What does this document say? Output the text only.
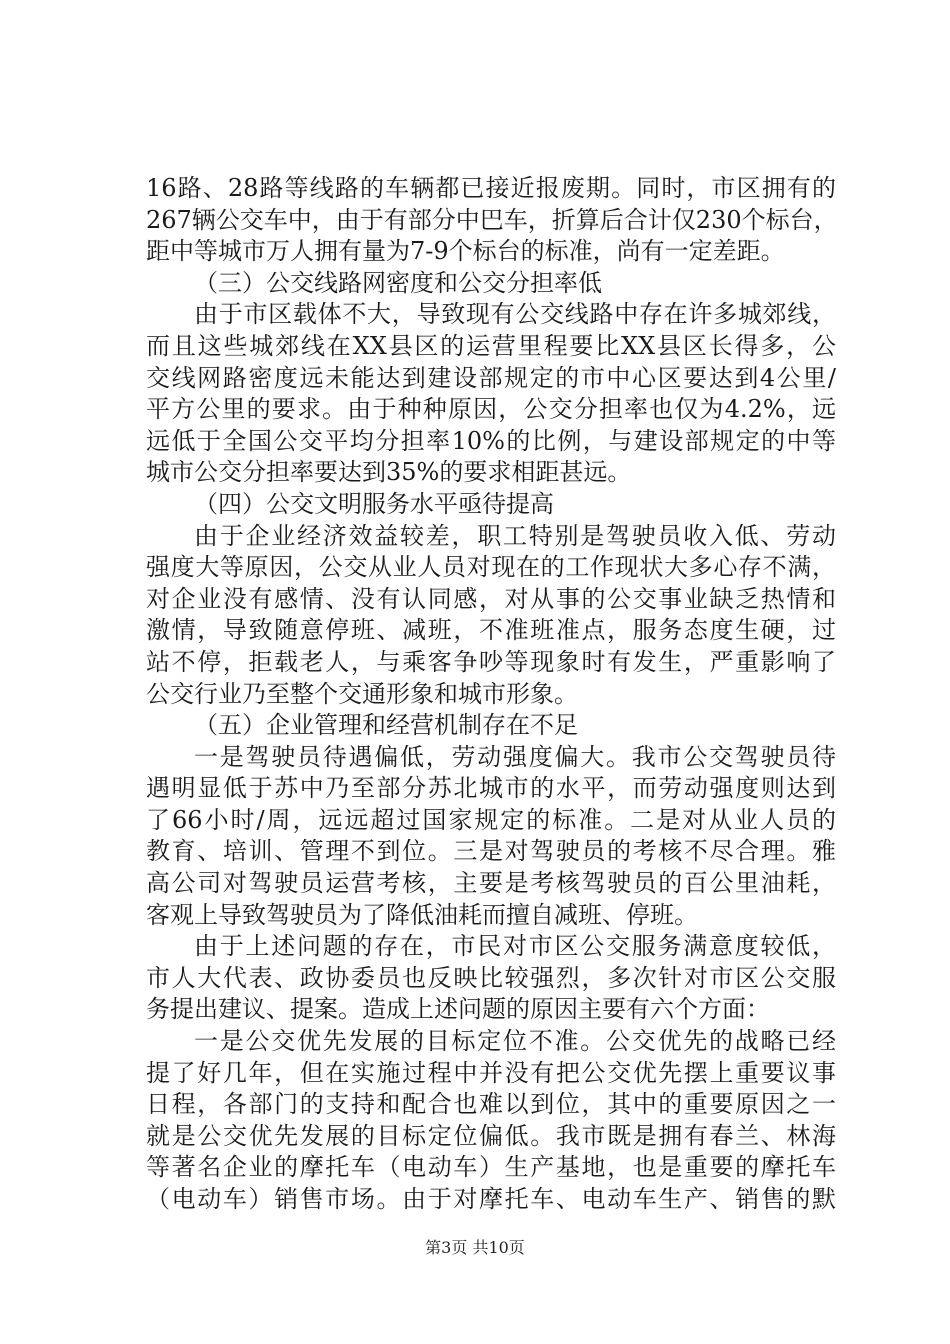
16路、28路等线路的车辆都已接近报废期。同时，市区拥有的
267辆公交车中，由于有部分中巴车，折算后合计仅230个标台，
距中等城市万人拥有量为7-9个标台的标准，尚有一定差距。
（三）公交线路网密度和公交分担率低
由于市区载体不大，导致现有公交线路中存在许多城郊线，
而且这些城郊线在XX县区的运营里程要比XX县区长得多，公
交线网路密度远未能达到建设部规定的市中心区要达到4公里/
平方公里的要求。由于种种原因，公交分担率也仅为4.2%，远
远低于全国公交平均分担率10%的比例，与建设部规定的中等
城市公交分担率要达到35%的要求相距甚远。
（四）公交文明服务水平亟待提高
由于企业经济效益较差，职工特别是驾驶员收入低、劳动
强度大等原因，公交从业人员对现在的工作现状大多心存不满，
对企业没有感情、没有认同感，对从事的公交事业缺乏热情和
激情，导致随意停班、减班，不准班准点，服务态度生硬，过
站不停，拒载老人，与乘客争吵等现象时有发生，严重影响了
公交行业乃至整个交通形象和城市形象。
（五）企业管理和经营机制存在不足
一是驾驶员待遇偏低，劳动强度偏大。我市公交驾驶员待
遇明显低于苏中乃至部分苏北城市的水平，而劳动强度则达到
了66小时/周，远远超过国家规定的标准。二是对从业人员的
教育、培训、管理不到位。三是对驾驶员的考核不尽合理。雅
高公司对驾驶员运营考核，主要是考核驾驶员的百公里油耗，
客观上导致驾驶员为了降低油耗而擅自减班、停班。
由于上述问题的存在，市民对市区公交服务满意度较低，
市人大代表、政协委员也反映比较强烈，多次针对市区公交服
务提出建议、提案。造成上述问题的原因主要有六个方面：
一是公交优先发展的目标定位不准。公交优先的战略已经
提了好几年，但在实施过程中并没有把公交优先摆上重要议事
日程，各部门的支持和配合也难以到位，其中的重要原因之一
就是公交优先发展的目标定位偏低。我市既是拥有春兰、林海
等著名企业的摩托车（电动车）生产基地，也是重要的摩托车
（电动车）销售市场。由于对摩托车、电动车生产、销售的默
第3页 共10页
